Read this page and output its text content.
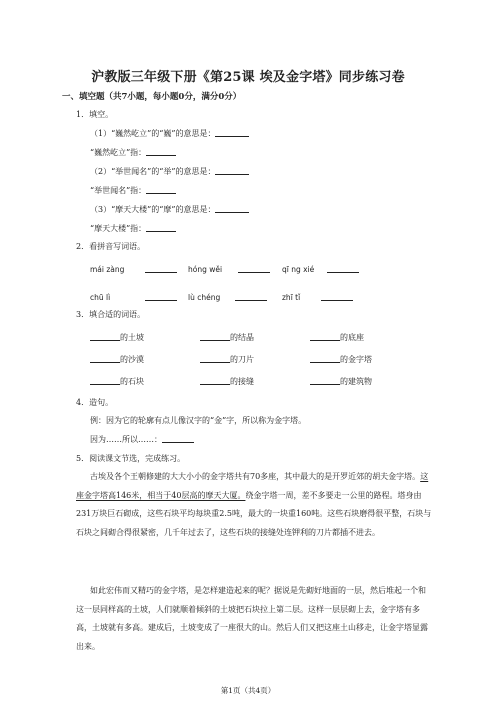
沪教版三年级下册《第25课 埃及金字塔》同步练习卷
一、填空题（共7小题，每小题0分，满分0分）
1．填空。
（1）“巍然屹立”的“巍”的意思是：
“巍然屹立”指：
（2）“举世闻名”的“举”的意思是：
“举世闻名”指：
（3）“摩天大楼”的“摩”的意思是：
“摩天大楼”指：
2．看拼音写词语。
mái zàng	hóng wěi	qī ng xié
chū lì	lù chéng	zhī tǐ
3．填合适的词语。
的土坡	的结晶	的底座
的沙漠	的刀片	的金字塔
的石块	的接缝	的建筑物
4．造句。
例：因为它的轮廓有点儿像汉字的“金”字，所以称为金字塔。
因为……所以……：
5．阅读课文节选，完成练习。
古埃及各个王朝修建的大大小小的金字塔共有70多座，其中最大的是开罗近郊的胡夫金字塔。这座金字塔高146米，相当于40层高的摩天大厦。绕金字塔一周，差不多要走一公里的路程。塔身由231万块巨石砌成，这些石块平均每块重2.5吨，最大的一块重160吨。这些石块磨得很平整，石块与石块之间砌合得很紧密，几千年过去了，这些石块的接缝处连钾利的刀片都插不进去。
如此宏伟而又精巧的金字塔，是怎样建造起来的呢？据说是先砌好地面的一层，然后堆起一个和这一层同样高的土坡，人们就顺着倾斜的土坡把石块拉上第二层。这样一层层砌上去，金字塔有多高，土坡就有多高。建成后，土坡变成了一座很大的山。然后人们又把这座土山移走，让金字塔显露出来。
第1页（共4页）
